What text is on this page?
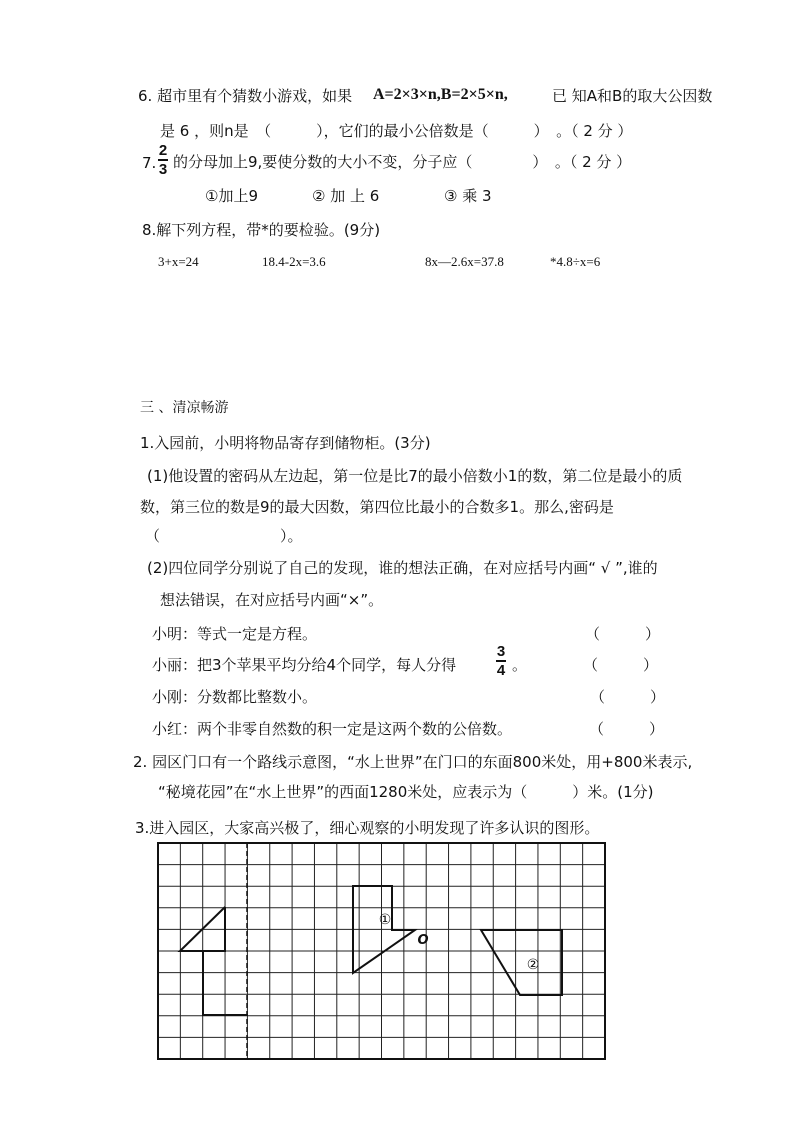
6. 超市里有个猜数小游戏，如果 A=2×3×n,B=2×5×n,	已 知A和B的取大公因数
是 6 ，则n是　（　　　），它们的最小公倍数是（　　　）　。（ 2 分 ）
7.
2
3 的分母加上9,要使分数的大小不变，分子应（　　　　）　。（ 2 分 ）
①加上9	② 加 上 6	③ 乘 3
8.解下列方程，带*的要检验。(9分)
3+x=24	18.4-2x=3.6	8x—2.6x=37.8	*4.8÷x=6
三 、清凉畅游
1.入园前，小明将物品寄存到储物柜。(3分)
(1)他设置的密码从左边起，第一位是比7的最小倍数小1的数，第二位是最小的质
数，第三位的数是9的最大因数，第四位比最小的合数多1。那么,密码是
（　　　　　　　　）。
(2)四位同学分别说了自己的发现，谁的想法正确，在对应括号内画“ √ ”,谁的
想法错误，在对应括号内画“×”。
小明：等式一定是方程。	（　　　）
小丽：把3个苹果平均分给4个同学，每人分得
3
4 。	（　　　）
小刚：分数都比整数小。	（　　　）
小红：两个非零自然数的积一定是这两个数的公倍数。	（　　　）
2. 园区门口有一个路线示意图，“水上世界”在门口的东面800米处，用+800米表示,
“秘境花园”在“水上世界”的西面1280米处，应表示为（　　　）米。(1分)
3.进入园区，大家高兴极了，细心观察的小明发现了许多认识的图形。
①
②
O
